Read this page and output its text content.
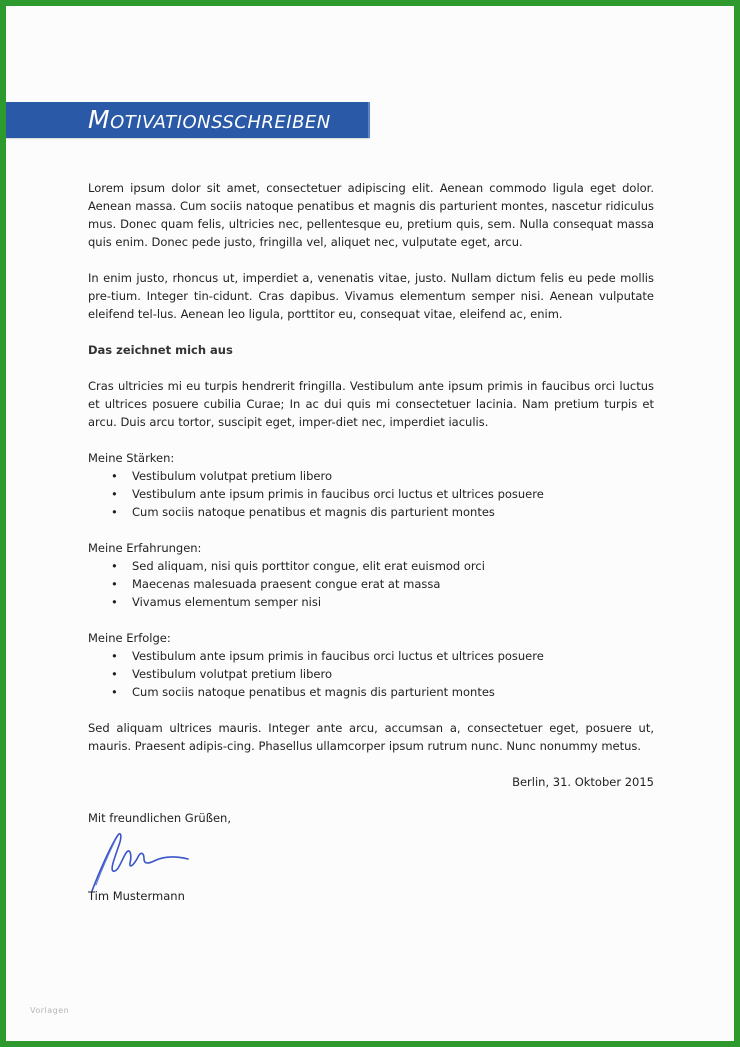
Motivationsschreiben

Lorem ipsum dolor sit amet, consectetuer adipiscing elit. Aenean commodo ligula eget dolor. Aenean massa. Cum sociis natoque penatibus et magnis dis parturient montes, nascetur ridiculus mus. Donec quam felis, ultricies nec, pellentesque eu, pretium quis, sem. Nulla consequat massa quis enim. Donec pede justo, fringilla vel, aliquet nec, vulputate eget, arcu.

In enim justo, rhoncus ut, imperdiet a, venenatis vitae, justo. Nullam dictum felis eu pede mollis pre-tium. Integer tin-cidunt. Cras dapibus. Vivamus elementum semper nisi. Aenean vulputate eleifend tel-lus. Aenean leo ligula, porttitor eu, consequat vitae, eleifend ac, enim.

Das zeichnet mich aus

Cras ultricies mi eu turpis hendrerit fringilla. Vestibulum ante ipsum primis in faucibus orci luctus et ultrices posuere cubilia Curae; In ac dui quis mi consectetuer lacinia. Nam pretium turpis et arcu. Duis arcu tortor, suscipit eget, imper-diet nec, imperdiet iaculis.

Meine Stärken:

• Vestibulum volutpat pretium libero
• Vestibulum ante ipsum primis in faucibus orci luctus et ultrices posuere
• Cum sociis natoque penatibus et magnis dis parturient montes

Meine Erfahrungen:

• Sed aliquam, nisi quis porttitor congue, elit erat euismod orci
• Maecenas malesuada praesent congue erat at massa
• Vivamus elementum semper nisi

Meine Erfolge:

• Vestibulum ante ipsum primis in faucibus orci luctus et ultrices posuere
• Vestibulum volutpat pretium libero
• Cum sociis natoque penatibus et magnis dis parturient montes

Sed aliquam ultrices mauris. Integer ante arcu, accumsan a, consectetuer eget, posuere ut, mauris. Praesent adipis-cing. Phasellus ullamcorper ipsum rutrum nunc. Nunc nonummy metus.

Berlin, 31. Oktober 2015

Mit freundlichen Grüßen,

Tim Mustermann
Vorlagen
